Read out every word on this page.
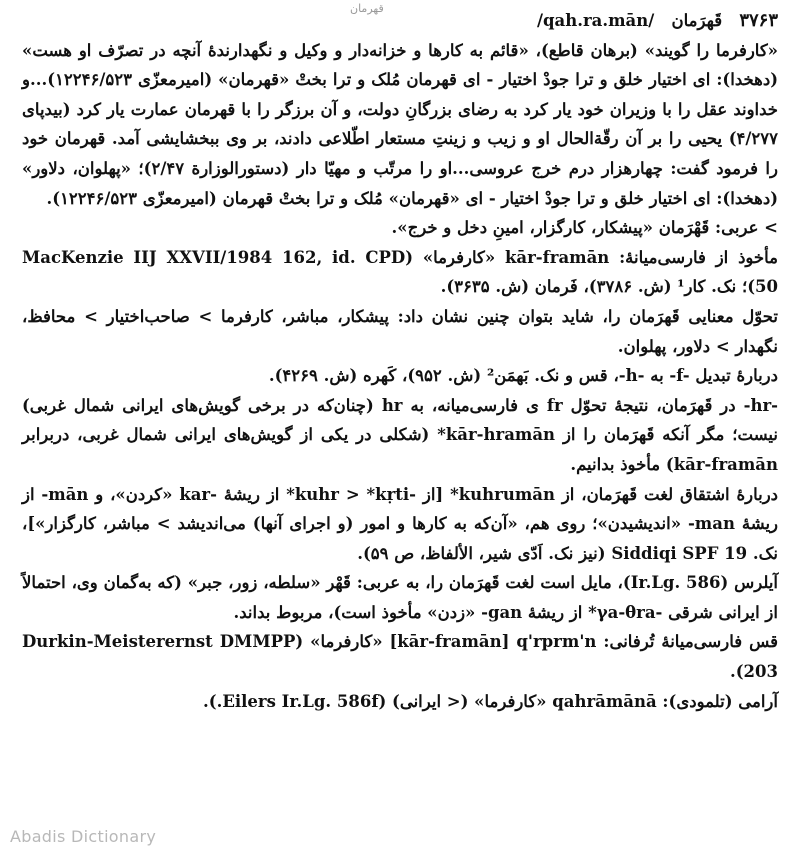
قهرمان
۳۷۶۳   قَهرَمان   /qah.ra.mān/

«کارفرما را گویند» (برهان قاطع)، «قائم به کارها و خزانه‌دار و وکیل و نگهدارندهٔ آنچه در تصرّف او هست» (دهخدا): ای اختیار خلق و ترا جودْ اختیار - ای قهرمان مُلک و ترا بختْ «قهرمان» (امیرمعزّی ۱۲۲۴۶/۵۲۳)...و خداوند عقل را با وزیران خود یار کرد به رضای بزرگانِ دولت، و آن برزگر را با قهرمان عمارت یار کرد (بیدپای ۴/۲۷۷) یحیی را بر آن رقّة‌الحال او و زیب و زینتِ مستعار اطّلاعی دادند، بر وی ببخشایشی آمد. قهرمان خود را فرمود گفت: چهارهزار درم خرج عروسی...او را مرتّب و مهیّا دار (دستورالوزارة ۲/۴۷)؛ «پهلوان، دلاور» (دهخدا): ای اختیار خلق و ترا جودْ اختیار - ای «قهرمان» مُلک و ترا بختْ قهرمان (امیرمعزّی ۱۲۲۴۶/۵۲۳).

> عربی: قَهْرَمان «پیشکار، کارگزار، امینِ دخل و خرج».

مأخوذ از فارسی‌میانهٔ: kār-framān «کارفرما» (MacKenzie IIJ XXVII/1984 162, id. CPD 50)؛ نک. کار¹ (ش. ۳۷۸۶)، فَرمان (ش. ۳۶۳۵).

تحوّل معنایی قَهرَمان را، شاید بتوان چنین نشان داد: پیشکار، مباشر، کارفرما > صاحب‌اختیار > محافظ، نگهدار > دلاور، پهلوان.

دربارهٔ تبدیل ‎-f-‎ به ‎-h-‎، قس و نک. بَهمَن² (ش. ۹۵۲)، کَهره (ش. ۴۲۶۹).

‎-hr-‎ در قَهرَمان، نتیجهٔ تحوّل fr ی فارسی‌میانه، به hr (چنان‌که در برخی گویش‌های ایرانی شمال غربی) نیست؛ مگر آنکه قَهرَمان را از ‎*kār-hramān‎ (شکلی در یکی از گویش‌های ایرانی شمال غربی، دربرابر kār-framān) مأخوذ بدانیم.

دربارهٔ اشتقاق لغت قَهرَمان، از ‎*kuhrumān‎ [از ‎*kuhr‎ > ‎*kṛti-‎ از ریشهٔ ‎kar-‎ «کردن»، و ‎-mān‎ از ریشهٔ ‎-man‎ «اندیشیدن»؛ روی هم، «آن‌که به کارها و امور (و اجرای آنها) می‌اندیشد > مباشر، کارگزار»]، نک. Siddiqi SPF 19 (نیز نک. اَدّی شیر، الألفاظ، ص ۵۹).

آیلرس (Ir.Lg. 586)، مایل است لغت قَهرَمان را، به عربی: قَهْر «سلطه، زور، جبر» (که به‌گمان وی، احتمالاً از ایرانی شرقی ‎*γa-θra-‎ از ریشهٔ ‎-gan‎ «زدن» مأخوذ است)، مربوط بداند.

قس فارسی‌میانهٔ تُرفانی: kār-framān] q'rprm'n] «کارفرما» (Durkin-Meisterernst DMMPP 203).

آرامی (تلمودی): qahrāmānā «کارفرما» (< ایرانی) (Eilers Ir.Lg. 586f.).

Abadis Dictionary
